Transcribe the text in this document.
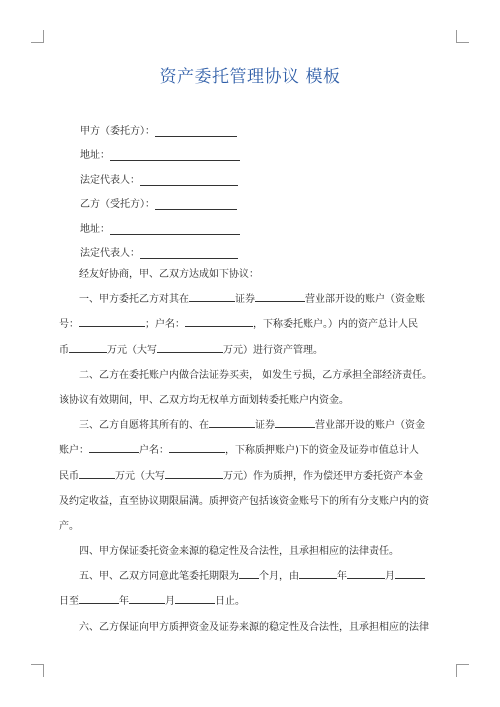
资产委托管理协议 模板
甲方（委托方）：
地址：
法定代表人：
乙方（受托方）：
地址：
法定代表人：
经友好协商，甲、乙双方达成如下协议：
一、甲方委托乙方对其在	证券	营业部开设的账户（资金账
号：	；户名：	，下称委托账户。）内的资产总计人民
币	万元（大写	万元）进行资产管理。
二、乙方在委托账户内做合法证券买卖， 如发生亏损，乙方承担全部经济责任。
该协议有效期间，甲、乙双方均无权单方面划转委托账户内资金。
三、乙方自愿将其所有的、在	证券	营业部开设的账户（资金
账户：	户名：	，下称质押账户)下的资金及证券市值总计人
民币	万元（大写	万元）作为质押，作为偿还甲方委托资产本金
及约定收益，直至协议期限届满。质押资产包括该资金账号下的所有分支账户内的资
产。
四、甲方保证委托资金来源的稳定性及合法性，且承担相应的法律责任。
五、甲、乙双方同意此笔委托期限为 个月，由	年	月
日至	年	月	日止。
六、乙方保证向甲方质押资金及证券来源的稳定性及合法性，且承担相应的法律
